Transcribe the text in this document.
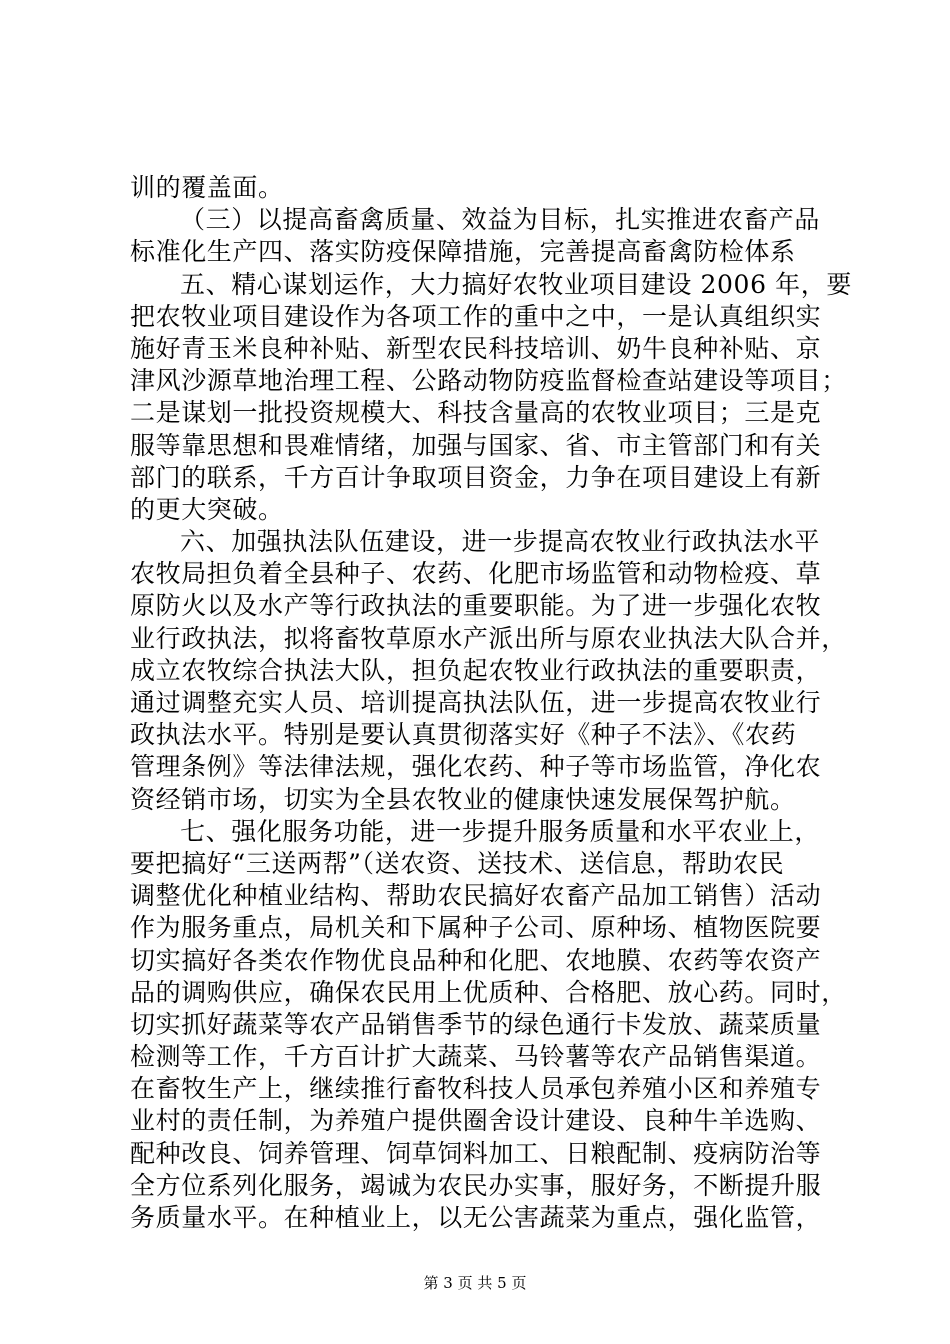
训的覆盖面。
（三）以提高畜禽质量、效益为目标，扎实推进农畜产品
标准化生产四、落实防疫保障措施，完善提高畜禽防检体系
五、精心谋划运作，大力搞好农牧业项目建设 2006 年，要
把农牧业项目建设作为各项工作的重中之中，一是认真组织实
施好青玉米良种补贴、新型农民科技培训、奶牛良种补贴、京
津风沙源草地治理工程、公路动物防疫监督检查站建设等项目；
二是谋划一批投资规模大、科技含量高的农牧业项目；三是克
服等靠思想和畏难情绪，加强与国家、省、市主管部门和有关
部门的联系，千方百计争取项目资金，力争在项目建设上有新
的更大突破。
六、加强执法队伍建设，进一步提高农牧业行政执法水平
农牧局担负着全县种子、农药、化肥市场监管和动物检疫、草
原防火以及水产等行政执法的重要职能。为了进一步强化农牧
业行政执法，拟将畜牧草原水产派出所与原农业执法大队合并，
成立农牧综合执法大队，担负起农牧业行政执法的重要职责，
通过调整充实人员、培训提高执法队伍，进一步提高农牧业行
政执法水平。特别是要认真贯彻落实好《种子不法》、《农药
管理条例》等法律法规，强化农药、种子等市场监管，净化农
资经销市场，切实为全县农牧业的健康快速发展保驾护航。
七、强化服务功能，进一步提升服务质量和水平农业上，
要把搞好“三送两帮”（送农资、送技术、送信息，帮助农民
调整优化种植业结构、帮助农民搞好农畜产品加工销售）活动
作为服务重点，局机关和下属种子公司、原种场、植物医院要
切实搞好各类农作物优良品种和化肥、农地膜、农药等农资产
品的调购供应，确保农民用上优质种、合格肥、放心药。同时，
切实抓好蔬菜等农产品销售季节的绿色通行卡发放、蔬菜质量
检测等工作，千方百计扩大蔬菜、马铃薯等农产品销售渠道。
在畜牧生产上，继续推行畜牧科技人员承包养殖小区和养殖专
业村的责任制，为养殖户提供圈舍设计建设、良种牛羊选购、
配种改良、饲养管理、饲草饲料加工、日粮配制、疫病防治等
全方位系列化服务，竭诚为农民办实事，服好务，不断提升服
务质量水平。在种植业上，以无公害蔬菜为重点，强化监管，
第 3 页 共 5 页
